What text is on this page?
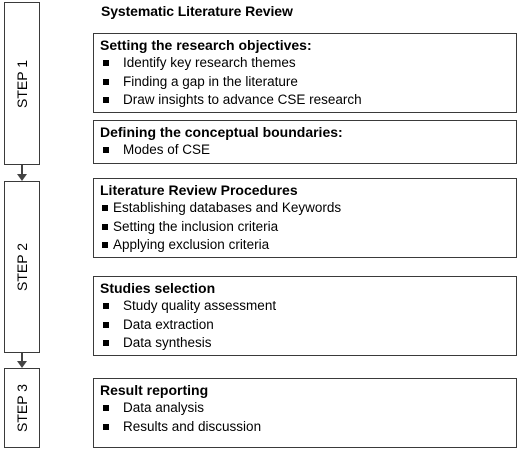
Systematic Literature Review
STEP 1
STEP 2
STEP 3

Setting the research objectives:

Identify key research themes
Finding a gap in the literature
Draw insights to advance CSE research

Defining the conceptual boundaries:

Modes of CSE

Literature Review Procedures

Establishing databases and Keywords
Setting the inclusion criteria
Applying exclusion criteria

Studies selection

Study quality assessment
Data extraction
Data synthesis

Result reporting

Data analysis
Results and discussion
